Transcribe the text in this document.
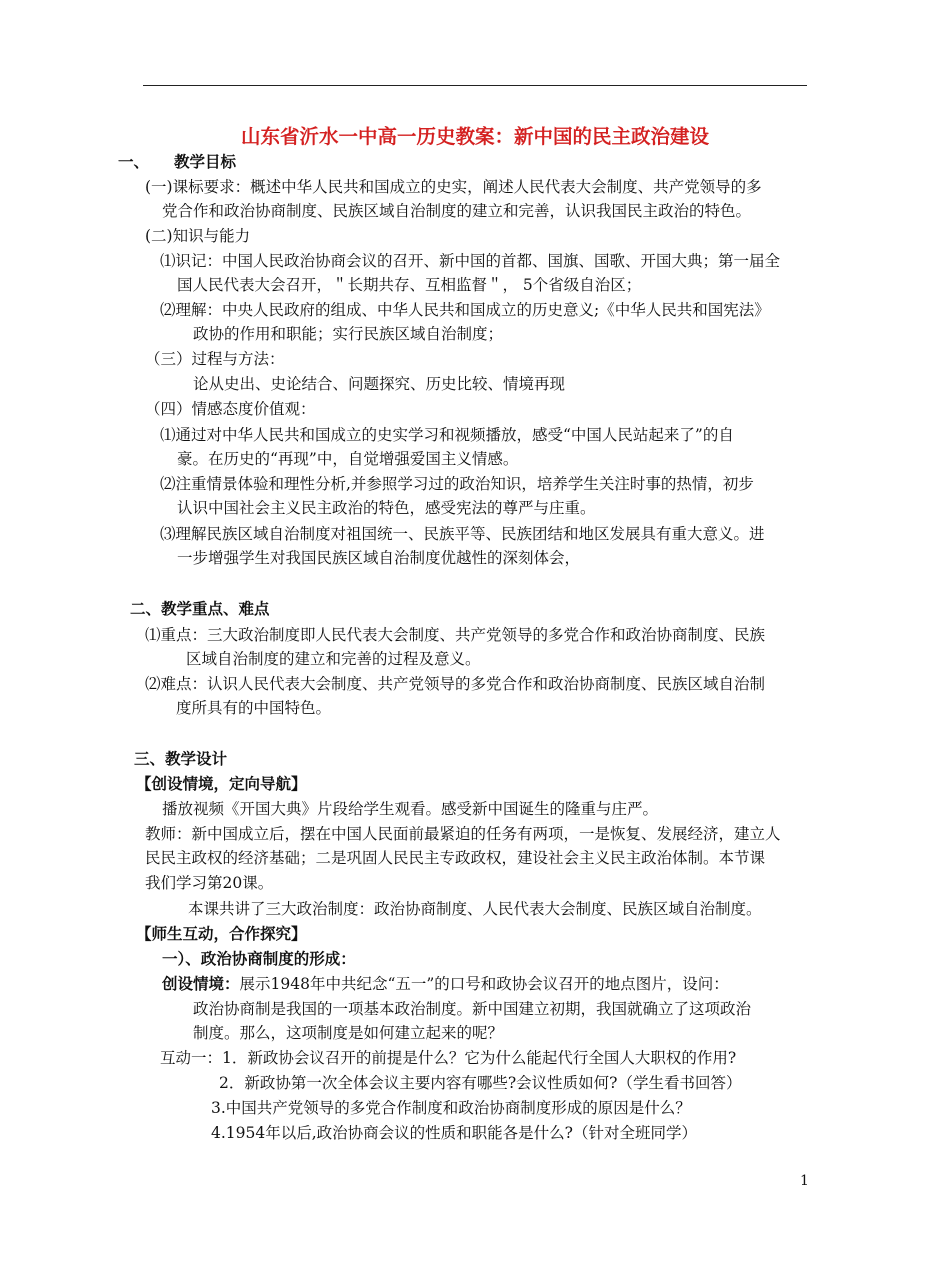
山东省沂水一中高一历史教案：新中国的民主政治建设
一、 教学目标
(一)课标要求：概述中华人民共和国成立的史实，阐述人民代表大会制度、共产党领导的多
党合作和政治协商制度、民族区域自治制度的建立和完善，认识我国民主政治的特色。
(二)知识与能力
⑴识记：中国人民政治协商会议的召开、新中国的首都、国旗、国歌、开国大典；第一届全
国人民代表大会召开，＂长期共存、互相监督＂， 5个省级自治区；
⑵理解：中央人民政府的组成、中华人民共和国成立的历史意义;《中华人民共和国宪法》
政协的作用和职能；实行民族区域自治制度；
（三）过程与方法：
论从史出、史论结合、问题探究、历史比较、情境再现
（四）情感态度价值观：
⑴通过对中华人民共和国成立的史实学习和视频播放，感受“中国人民站起来了”的自
豪。在历史的“再现”中，自觉增强爱国主义情感。
⑵注重情景体验和理性分析,并参照学习过的政治知识，培养学生关注时事的热情，初步
认识中国社会主义民主政治的特色，感受宪法的尊严与庄重。
⑶理解民族区域自治制度对祖国统一、民族平等、民族团结和地区发展具有重大意义。进
一步增强学生对我国民族区域自治制度优越性的深刻体会，
二、教学重点、难点
⑴重点：三大政治制度即人民代表大会制度、共产党领导的多党合作和政治协商制度、民族
区域自治制度的建立和完善的过程及意义。
⑵难点：认识人民代表大会制度、共产党领导的多党合作和政治协商制度、民族区域自治制
度所具有的中国特色。
三、教学设计
【创设情境，定向导航】
播放视频《开国大典》片段给学生观看。感受新中国诞生的隆重与庄严。
教师：新中国成立后，摆在中国人民面前最紧迫的任务有两项，一是恢复、发展经济，建立人
民民主政权的经济基础；二是巩固人民民主专政政权，建设社会主义民主政治体制。本节课
我们学习第20课。
本课共讲了三大政治制度：政治协商制度、人民代表大会制度、民族区域自治制度。
【师生互动，合作探究】
一）、政治协商制度的形成：
创设情境：展示1948年中共纪念“五一”的口号和政协会议召开的地点图片，设问：
政治协商制是我国的一项基本政治制度。新中国建立初期，我国就确立了这项政治
制度。那么，这项制度是如何建立起来的呢？
互动一：1．新政协会议召开的前提是什么？它为什么能起代行全国人大职权的作用?
2．新政协第一次全体会议主要内容有哪些?会议性质如何?（学生看书回答）
3.中国共产党领导的多党合作制度和政治协商制度形成的原因是什么？
4.1954年以后,政治协商会议的性质和职能各是什么?（针对全班同学）
1
